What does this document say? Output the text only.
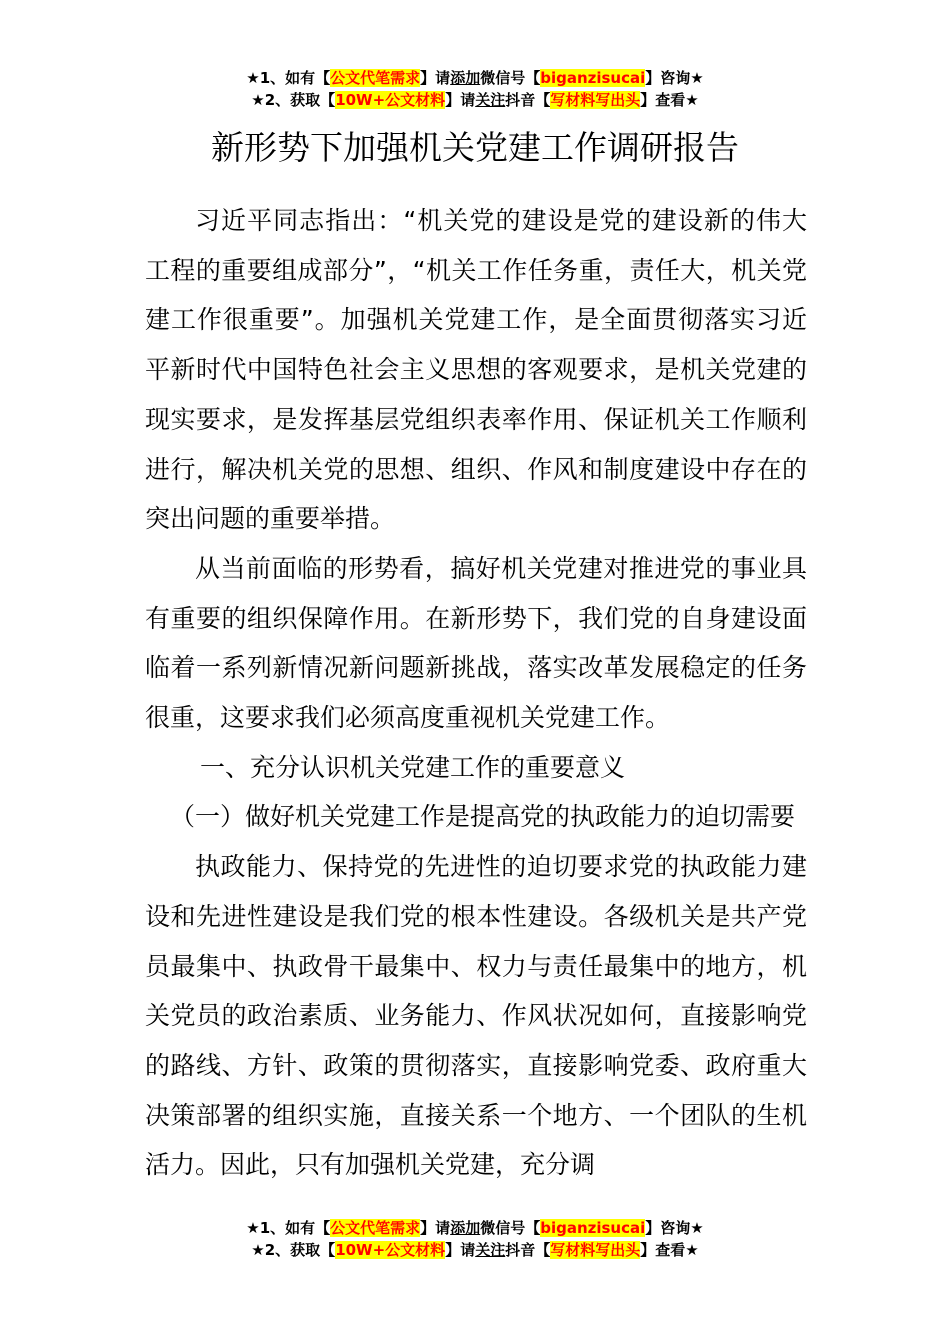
★1、如有【公文代笔需求】请添加微信号【biganzisucai】咨询★
★2、获取【10W+公文材料】请关注抖音【写材料写出头】查看★
新形势下加强机关党建工作调研报告

习近平同志指出：“机关党的建设是党的建设新的伟大工程的重要组成部分”，“机关工作任务重，责任大，机关党建工作很重要”。加强机关党建工作，是全面贯彻落实习近平新时代中国特色社会主义思想的客观要求，是机关党建的现实要求，是发挥基层党组织表率作用、保证机关工作顺利进行，解决机关党的思想、组织、作风和制度建设中存在的突出问题的重要举措。

从当前面临的形势看，搞好机关党建对推进党的事业具有重要的组织保障作用。在新形势下，我们党的自身建设面临着一系列新情况新问题新挑战，落实改革发展稳定的任务很重，这要求我们必须高度重视机关党建工作。

一、充分认识机关党建工作的重要意义

（一）做好机关党建工作是提高党的执政能力的迫切需要

执政能力、保持党的先进性的迫切要求党的执政能力建设和先进性建设是我们党的根本性建设。各级机关是共产党员最集中、执政骨干最集中、权力与责任最集中的地方，机关党员的政治素质、业务能力、作风状况如何，直接影响党的路线、方针、政策的贯彻落实，直接影响党委、政府重大决策部署的组织实施，直接关系一个地方、一个团队的生机活力。因此，只有加强机关党建，充分调

★1、如有【公文代笔需求】请添加微信号【biganzisucai】咨询★
★2、获取【10W+公文材料】请关注抖音【写材料写出头】查看★
